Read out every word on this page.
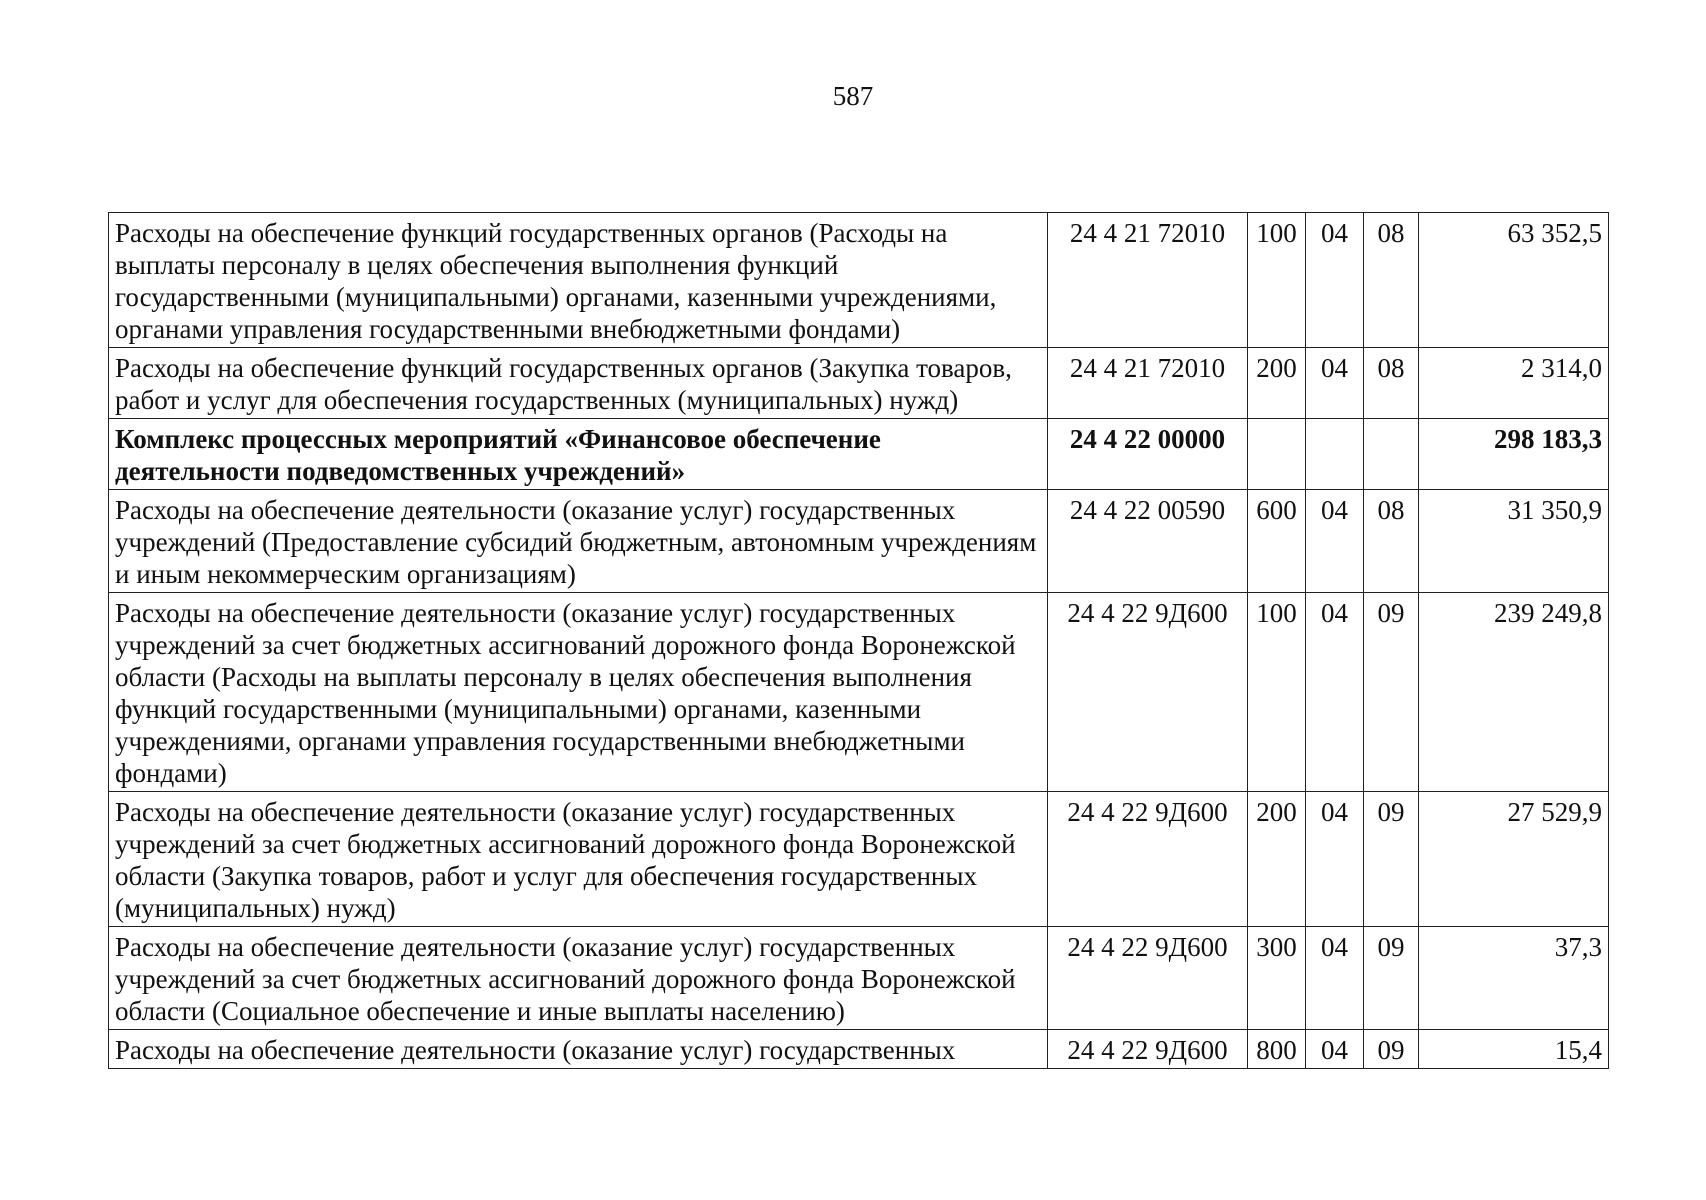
587
Расходы на обеспечение функций государственных органов (Расходы на выплаты персоналу в целях обеспечения выполнения функций государственными (муниципальными) органами, казенными учреждениями, органами управления государственными внебюджетными фондами)	24 4 21 72010	100	04	08	63 352,5
Расходы на обеспечение функций государственных органов (Закупка товаров, работ и услуг для обеспечения государственных (муниципальных) нужд)	24 4 21 72010	200	04	08	2 314,0
Комплекс процессных мероприятий «Финансовое обеспечение деятельности подведомственных учреждений»	24 4 22 00000				298 183,3
Расходы на обеспечение деятельности (оказание услуг) государственных учреждений (Предоставление субсидий бюджетным, автономным учреждениям и иным некоммерческим организациям)	24 4 22 00590	600	04	08	31 350,9
Расходы на обеспечение деятельности (оказание услуг) государственных учреждений за счет бюджетных ассигнований дорожного фонда Воронежской области (Расходы на выплаты персоналу в целях обеспечения выполнения функций государственными (муниципальными) органами, казенными учреждениями, органами управления государственными внебюджетными фондами)	24 4 22 9Д600	100	04	09	239 249,8
Расходы на обеспечение деятельности (оказание услуг) государственных учреждений за счет бюджетных ассигнований дорожного фонда Воронежской области (Закупка товаров, работ и услуг для обеспечения государственных (муниципальных) нужд)	24 4 22 9Д600	200	04	09	27 529,9
Расходы на обеспечение деятельности (оказание услуг) государственных учреждений за счет бюджетных ассигнований дорожного фонда Воронежской области (Социальное обеспечение и иные выплаты населению)	24 4 22 9Д600	300	04	09	37,3
Расходы на обеспечение деятельности (оказание услуг) государственных	24 4 22 9Д600	800	04	09	15,4
